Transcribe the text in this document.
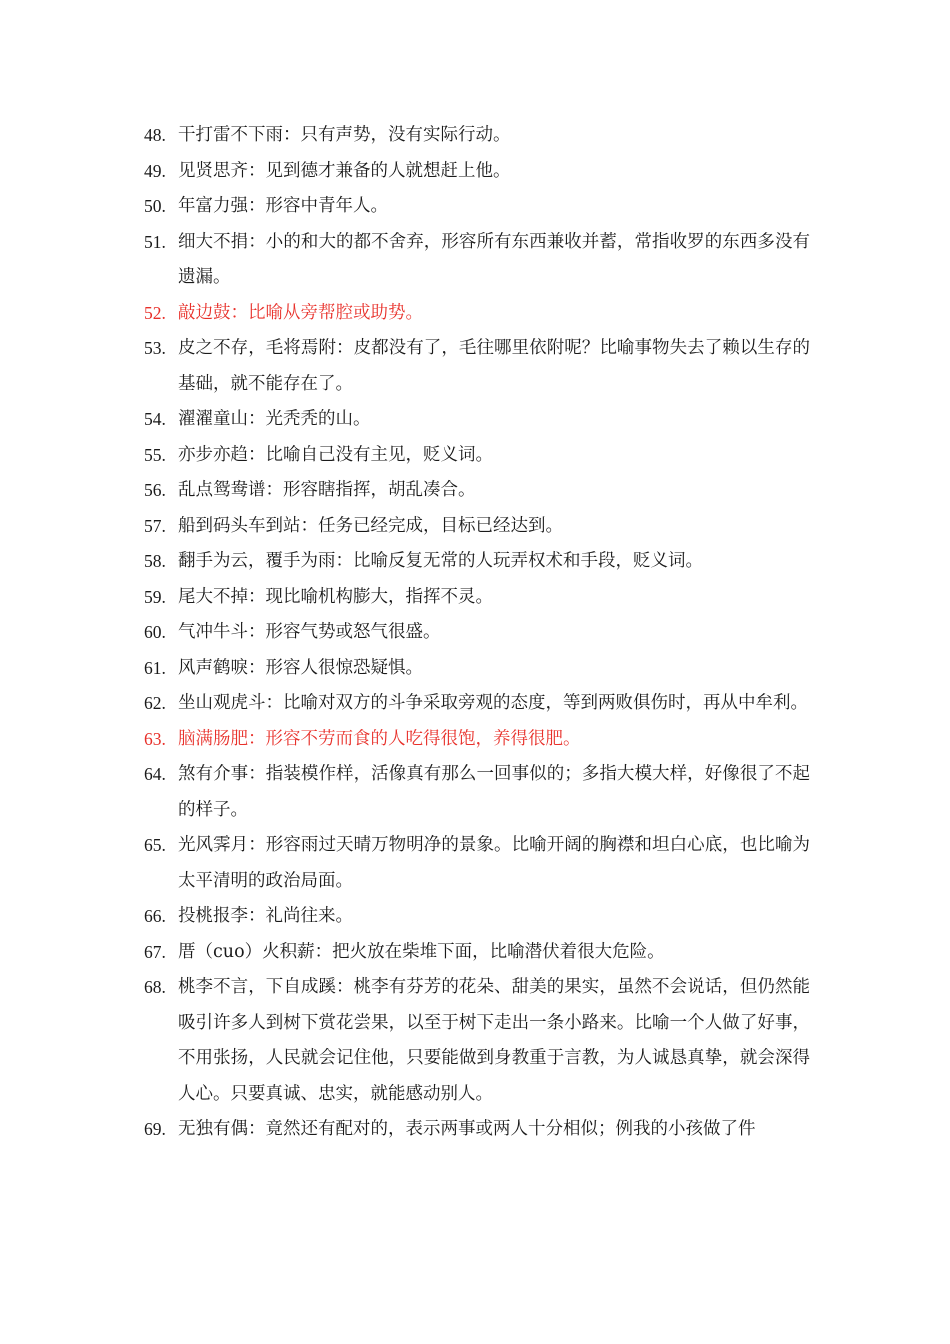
48. 干打雷不下雨：只有声势，没有实际行动。
49. 见贤思齐：见到德才兼备的人就想赶上他。
50. 年富力强：形容中青年人。
51. 细大不捐：小的和大的都不舍弃，形容所有东西兼收并蓄，常指收罗的东西多没有遗漏。
52. 敲边鼓：比喻从旁帮腔或助势。
53. 皮之不存，毛将焉附：皮都没有了，毛往哪里依附呢？比喻事物失去了赖以生存的基础，就不能存在了。
54. 濯濯童山：光秃秃的山。
55. 亦步亦趋：比喻自己没有主见，贬义词。
56. 乱点鸳鸯谱：形容瞎指挥，胡乱凑合。
57. 船到码头车到站：任务已经完成，目标已经达到。
58. 翻手为云，覆手为雨：比喻反复无常的人玩弄权术和手段，贬义词。
59. 尾大不掉：现比喻机构膨大，指挥不灵。
60. 气冲牛斗：形容气势或怒气很盛。
61. 风声鹤唳：形容人很惊恐疑惧。
62. 坐山观虎斗：比喻对双方的斗争采取旁观的态度，等到两败俱伤时，再从中牟利。
63. 脑满肠肥：形容不劳而食的人吃得很饱，养得很肥。
64. 煞有介事：指装模作样，活像真有那么一回事似的；多指大模大样，好像很了不起的样子。
65. 光风霁月：形容雨过天晴万物明净的景象。比喻开阔的胸襟和坦白心底，也比喻为太平清明的政治局面。
66. 投桃报李：礼尚往来。
67. 厝（cuo）火积薪：把火放在柴堆下面，比喻潜伏着很大危险。
68. 桃李不言，下自成蹊：桃李有芬芳的花朵、甜美的果实，虽然不会说话，但仍然能吸引许多人到树下赏花尝果，以至于树下走出一条小路来。比喻一个人做了好事，不用张扬，人民就会记住他，只要能做到身教重于言教，为人诚恳真挚，就会深得人心。只要真诚、忠实，就能感动别人。
69. 无独有偶：竟然还有配对的，表示两事或两人十分相似；例我的小孩做了件
